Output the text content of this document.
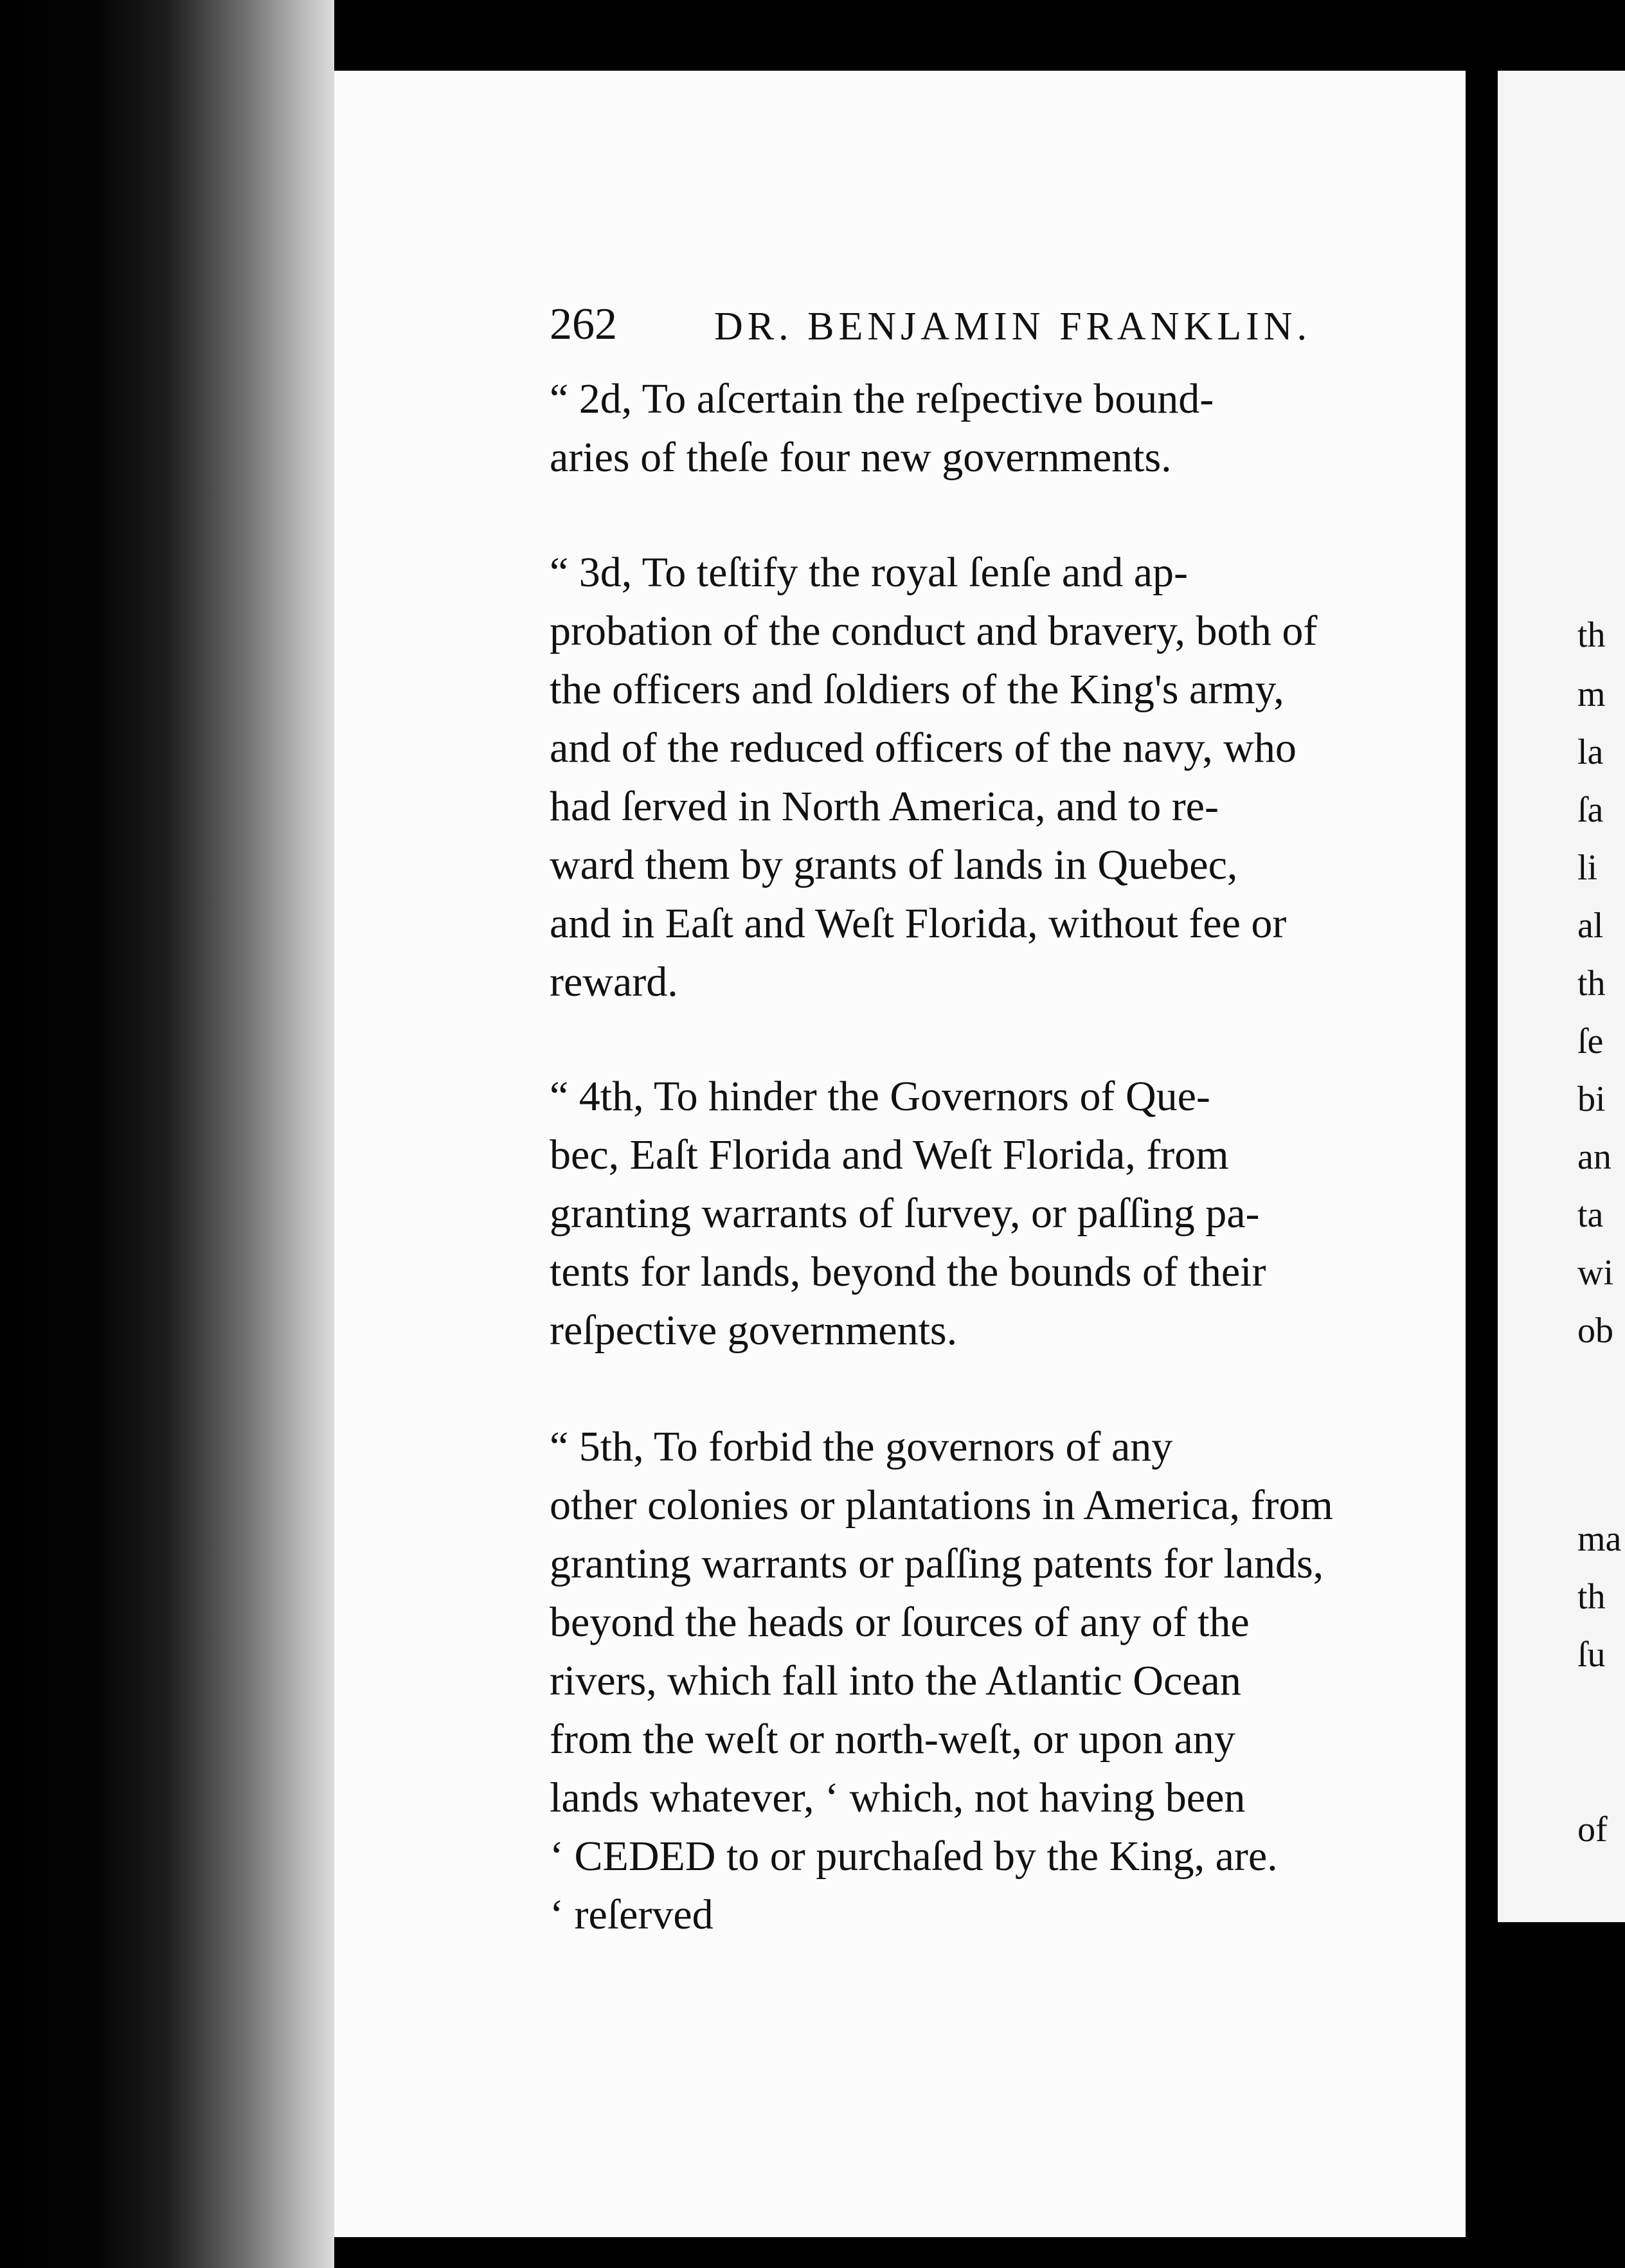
262 DR. BENJAMIN FRANKLIN.
“ 2d, To aſcertain the reſpective bound-
aries of theſe four new governments.
“ 3d, To teſtify the royal ſenſe and ap-
probation of the conduct and bravery, both of
the officers and ſoldiers of the King's army,
and of the reduced officers of the navy, who
had ſerved in North America, and to re-
ward them by grants of lands in Quebec,
and in Eaſt and Weſt Florida, without fee or
reward.
“ 4th, To hinder the Governors of Que-
bec, Eaſt Florida and Weſt Florida, from
granting warrants of ſurvey, or paſſing pa-
tents for lands, beyond the bounds of their
reſpective governments.
“ 5th, To forbid the governors of any
other colonies or plantations in America, from
granting warrants or paſſing patents for lands,
beyond the heads or ſources of any of the
rivers, which fall into the Atlantic Ocean
from the weſt or north-weſt, or upon any
lands whatever, ‘ which, not having been
‘ CEDED to or purchaſed by the King, are.
‘ reſerved
th
m
la
ſa
li
al
th
ſe
bi
an
ta
wi
ob
ma
th
ſu
of
